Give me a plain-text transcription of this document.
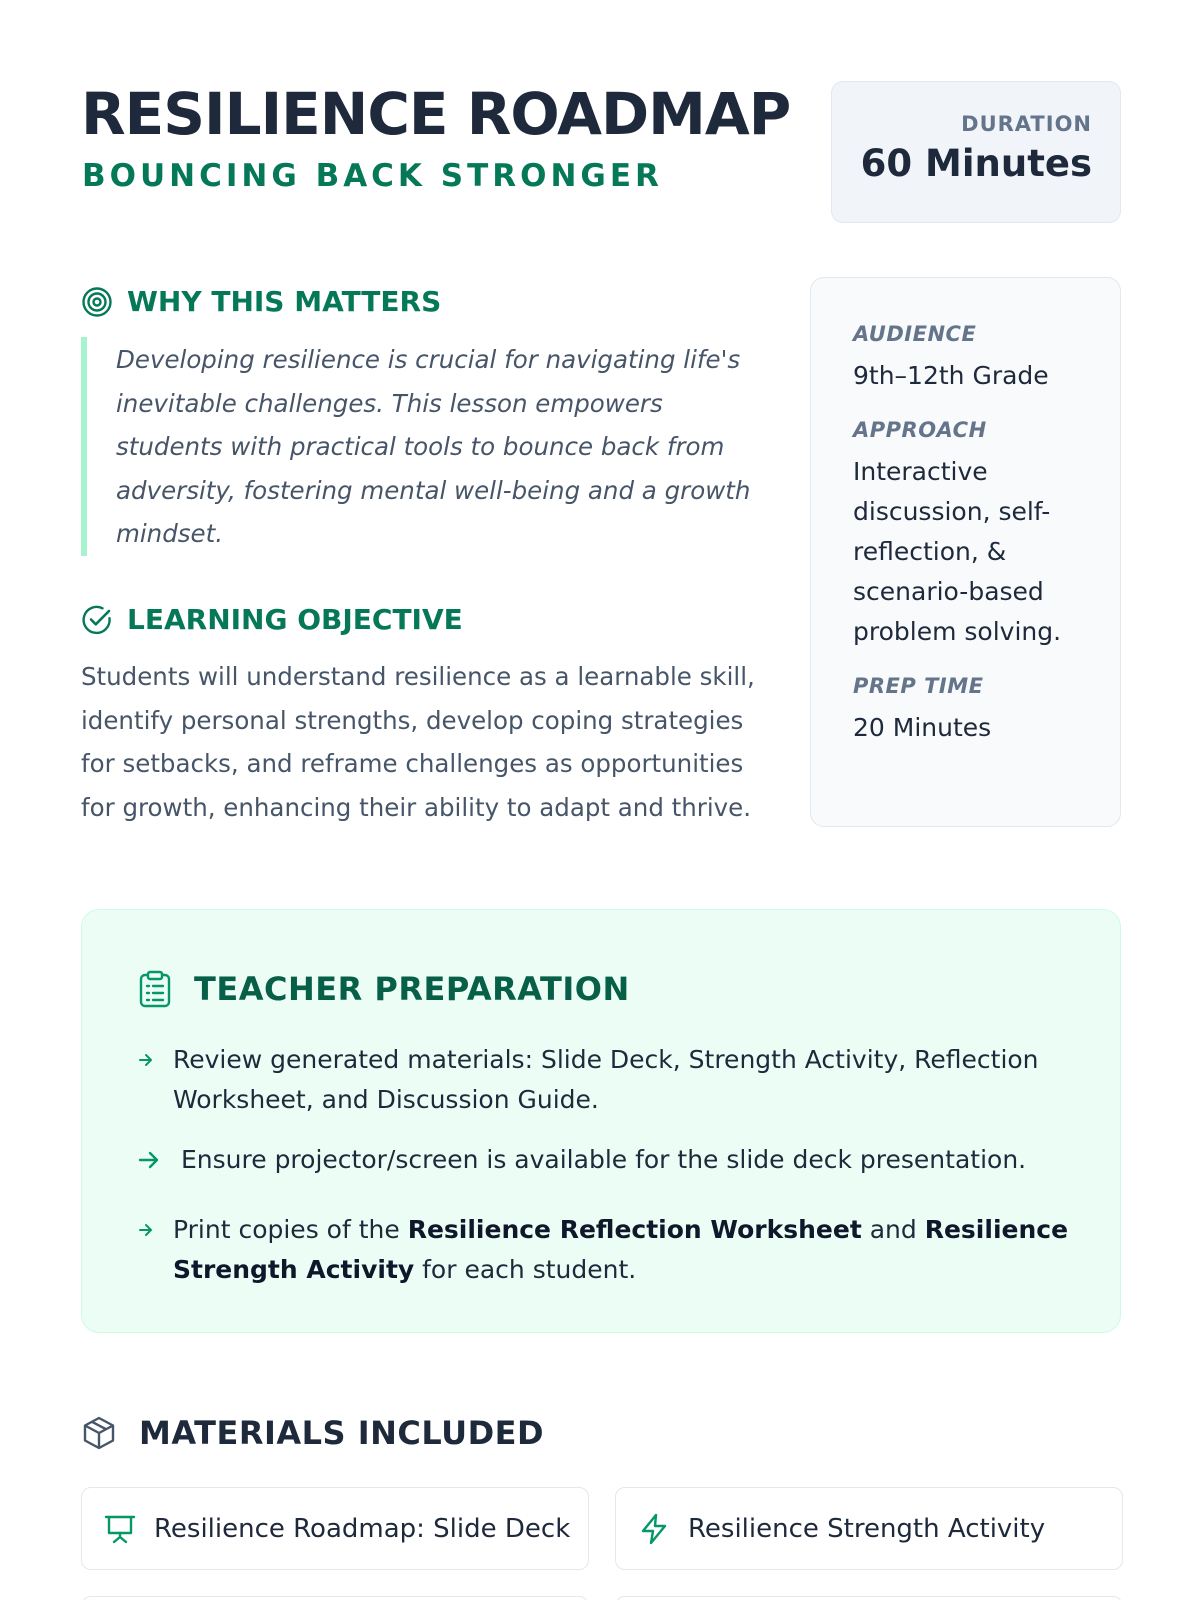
RESILIENCE ROADMAP
BOUNCING BACK STRONGER
DURATION
60 Minutes
WHY THIS MATTERS
Developing resilience is crucial for navigating life's inevitable challenges. This lesson empowers students with practical tools to bounce back from adversity, fostering mental well-being and a growth mindset.
LEARNING OBJECTIVE
Students will understand resilience as a learnable skill, identify personal strengths, develop coping strategies for setbacks, and reframe challenges as opportunities for growth, enhancing their ability to adapt and thrive.
AUDIENCE
9th–12th Grade
APPROACH
Interactive discussion, self-reflection, & scenario-based problem solving.
PREP TIME
20 Minutes
TEACHER PREPARATION
Review generated materials: Slide Deck, Strength Activity, Reflection Worksheet, and Discussion Guide.
Ensure projector/screen is available for the slide deck presentation.
Print copies of the Resilience Reflection Worksheet and Resilience Strength Activity for each student.
MATERIALS INCLUDED
Resilience Roadmap: Slide Deck	Resilience Strength Activity
